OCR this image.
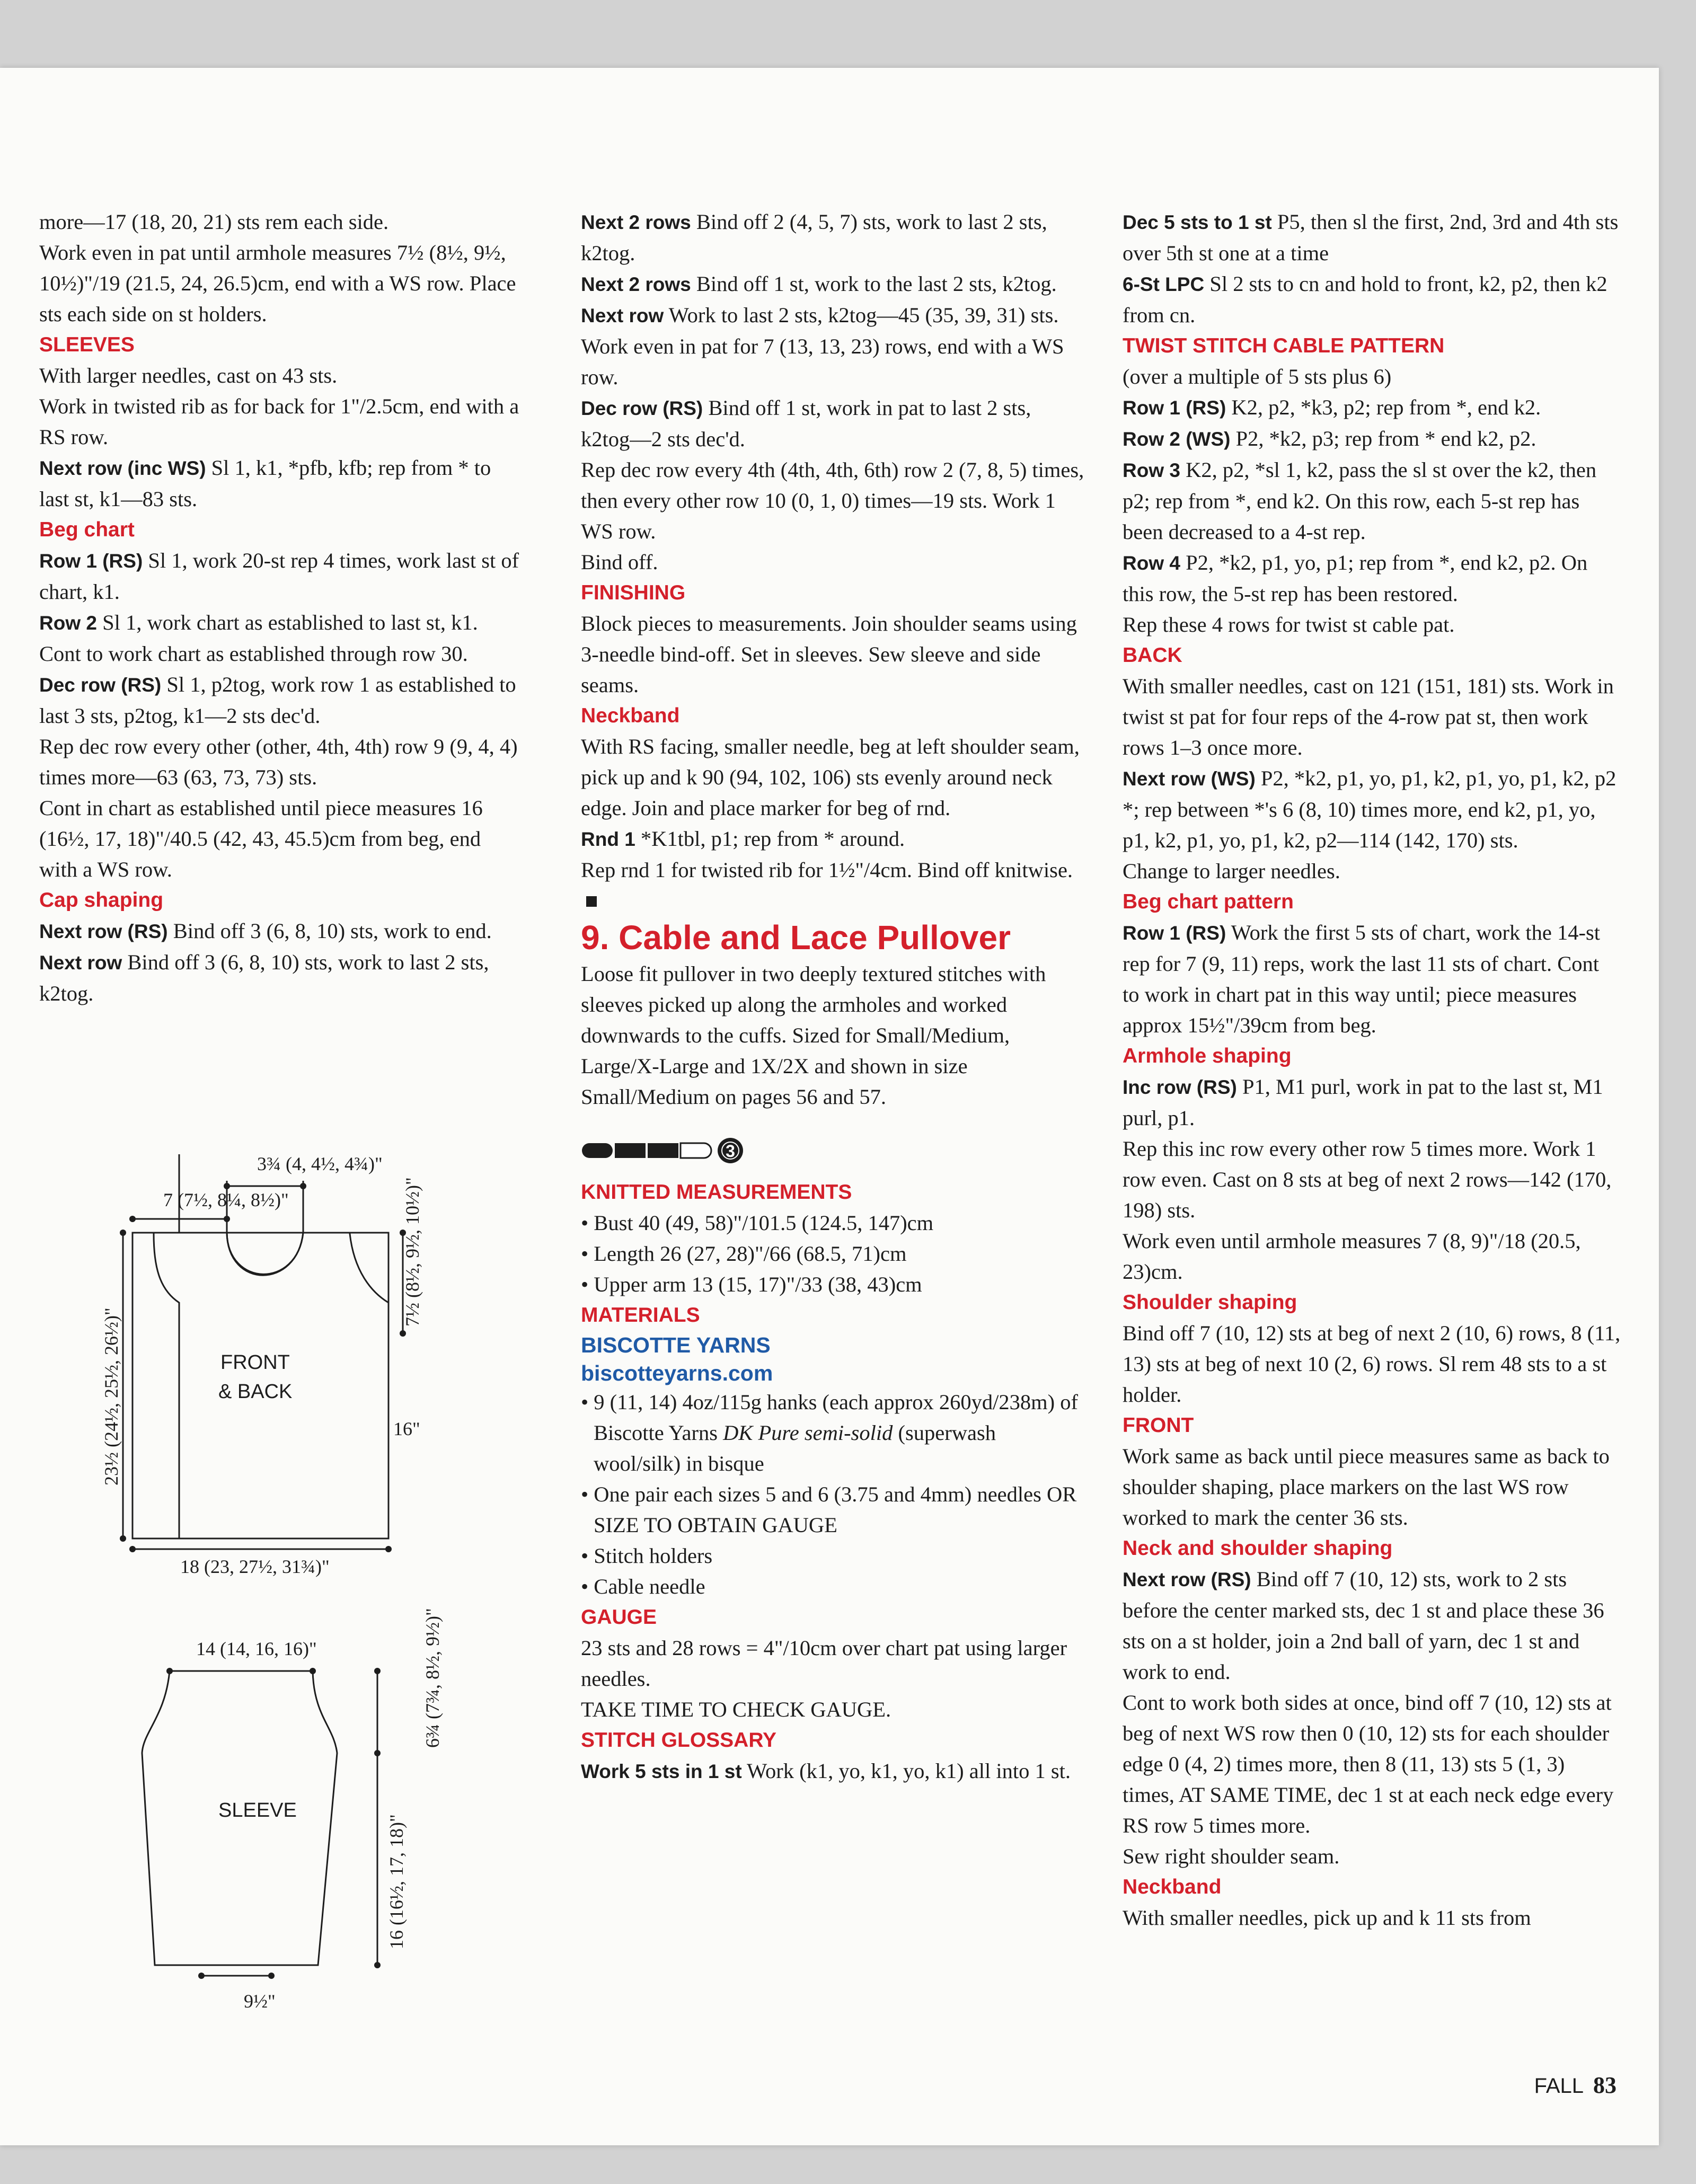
more—17 (18, 20, 21) sts rem each side.

Work even in pat until armhole measures 7½ (8½, 9½, 10½)"/19 (21.5, 24, 26.5)cm, end with a WS row. Place sts each side on st holders.

SLEEVES

With larger needles, cast on 43 sts.

Work in twisted rib as for back for 1"/2.5cm, end with a RS row.

Next row (inc WS) Sl 1, k1, *pfb, kfb; rep from * to last st, k1—83 sts.

Beg chart

Row 1 (RS) Sl 1, work 20-st rep 4 times, work last st of chart, k1.

Row 2 Sl 1, work chart as established to last st, k1.

Cont to work chart as established through row 30.

Dec row (RS) Sl 1, p2tog, work row 1 as established to last 3 sts, p2tog, k1—2 sts dec'd.

Rep dec row every other (other, 4th, 4th) row 9 (9, 4, 4) times more—63 (63, 73, 73) sts.

Cont in chart as established until piece measures 16 (16½, 17, 18)"/40.5 (42, 43, 45.5)cm from beg, end with a WS row.

Cap shaping

Next row (RS) Bind off 3 (6, 8, 10) sts, work to end.

Next row Bind off 3 (6, 8, 10) sts, work to last 2 sts, k2tog.

3¾ (4, 4½, 4¾)"
7 (7½, 8¼, 8½)"	7½ (8½, 9½, 10½)"
23½ (24½, 25½, 26½)"	FRONT
& BACK
16"
18 (23, 27½, 31¾)"
14 (14, 16, 16)"	6¾ (7¾, 8½, 9½)"
SLEEVE
16 (16½, 17, 18)"
9½"

Next 2 rows Bind off 2 (4, 5, 7) sts, work to last 2 sts, k2tog.

Next 2 rows Bind off 1 st, work to the last 2 sts, k2tog.

Next row Work to last 2 sts, k2tog—45 (35, 39, 31) sts.

Work even in pat for 7 (13, 13, 23) rows, end with a WS row.

Dec row (RS) Bind off 1 st, work in pat to last 2 sts, k2tog—2 sts dec'd.

Rep dec row every 4th (4th, 4th, 6th) row 2 (7, 8, 5) times, then every other row 10 (0, 1, 0) times—19 sts. Work 1 WS row.

Bind off.

FINISHING

Block pieces to measurements. Join shoulder seams using 3-needle bind-off. Set in sleeves. Sew sleeve and side seams.

Neckband

With RS facing, smaller needle, beg at left shoulder seam, pick up and k 90 (94, 102, 106) sts evenly around neck edge. Join and place marker for beg of rnd.

Rnd 1 *K1tbl, p1; rep from * around.

Rep rnd 1 for twisted rib for 1½"/4cm. Bind off knitwise.

9. Cable and Lace Pullover

Loose fit pullover in two deeply textured stitches with sleeves picked up along the armholes and worked downwards to the cuffs. Sized for Small/Medium, Large/X-Large and 1X/2X and shown in size Small/Medium on pages 56 and 57.

3

KNITTED MEASUREMENTS

• Bust 40 (49, 58)"/101.5 (124.5, 147)cm

• Length 26 (27, 28)"/66 (68.5, 71)cm

• Upper arm 13 (15, 17)"/33 (38, 43)cm

MATERIALS

BISCOTTE YARNS

biscotteyarns.com

• 9 (11, 14) 4oz/115g hanks (each approx 260yd/238m) of Biscotte Yarns DK Pure semi-solid (superwash wool/silk) in bisque

• One pair each sizes 5 and 6 (3.75 and 4mm) needles OR SIZE TO OBTAIN GAUGE

• Stitch holders

• Cable needle

GAUGE

23 sts and 28 rows = 4"/10cm over chart pat using larger needles.

TAKE TIME TO CHECK GAUGE.

STITCH GLOSSARY

Work 5 sts in 1 st Work (k1, yo, k1, yo, k1) all into 1 st.

Dec 5 sts to 1 st P5, then sl the first, 2nd, 3rd and 4th sts over 5th st one at a time

6-St LPC Sl 2 sts to cn and hold to front, k2, p2, then k2 from cn.

TWIST STITCH CABLE PATTERN

(over a multiple of 5 sts plus 6)

Row 1 (RS) K2, p2, *k3, p2; rep from *, end k2.

Row 2 (WS) P2, *k2, p3; rep from * end k2, p2.

Row 3 K2, p2, *sl 1, k2, pass the sl st over the k2, then p2; rep from *, end k2. On this row, each 5-st rep has been decreased to a 4-st rep.

Row 4 P2, *k2, p1, yo, p1; rep from *, end k2, p2. On this row, the 5-st rep has been restored.

Rep these 4 rows for twist st cable pat.

BACK

With smaller needles, cast on 121 (151, 181) sts. Work in twist st pat for four reps of the 4-row pat st, then work rows 1–3 once more.

Next row (WS) P2, *k2, p1, yo, p1, k2, p1, yo, p1, k2, p2 *; rep between *'s 6 (8, 10) times more, end k2, p1, yo, p1, k2, p1, yo, p1, k2, p2—114 (142, 170) sts.

Change to larger needles.

Beg chart pattern

Row 1 (RS) Work the first 5 sts of chart, work the 14-st rep for 7 (9, 11) reps, work the last 11 sts of chart. Cont to work in chart pat in this way until; piece measures approx 15½"/39cm from beg.

Armhole shaping

Inc row (RS) P1, M1 purl, work in pat to the last st, M1 purl, p1.

Rep this inc row every other row 5 times more. Work 1 row even. Cast on 8 sts at beg of next 2 rows—142 (170, 198) sts.

Work even until armhole measures 7 (8, 9)"/18 (20.5, 23)cm.

Shoulder shaping

Bind off 7 (10, 12) sts at beg of next 2 (10, 6) rows, 8 (11, 13) sts at beg of next 10 (2, 6) rows. Sl rem 48 sts to a st holder.

FRONT

Work same as back until piece measures same as back to shoulder shaping, place markers on the last WS row worked to mark the center 36 sts.

Neck and shoulder shaping

Next row (RS) Bind off 7 (10, 12) sts, work to 2 sts before the center marked sts, dec 1 st and place these 36 sts on a st holder, join a 2nd ball of yarn, dec 1 st and work to end.

Cont to work both sides at once, bind off 7 (10, 12) sts at beg of next WS row then 0 (10, 12) sts for each shoulder edge 0 (4, 2) times more, then 8 (11, 13) sts 5 (1, 3) times, AT SAME TIME, dec 1 st at each neck edge every RS row 5 times more.

Sew right shoulder seam.

Neckband

With smaller needles, pick up and k 11 sts from

FALL 83
